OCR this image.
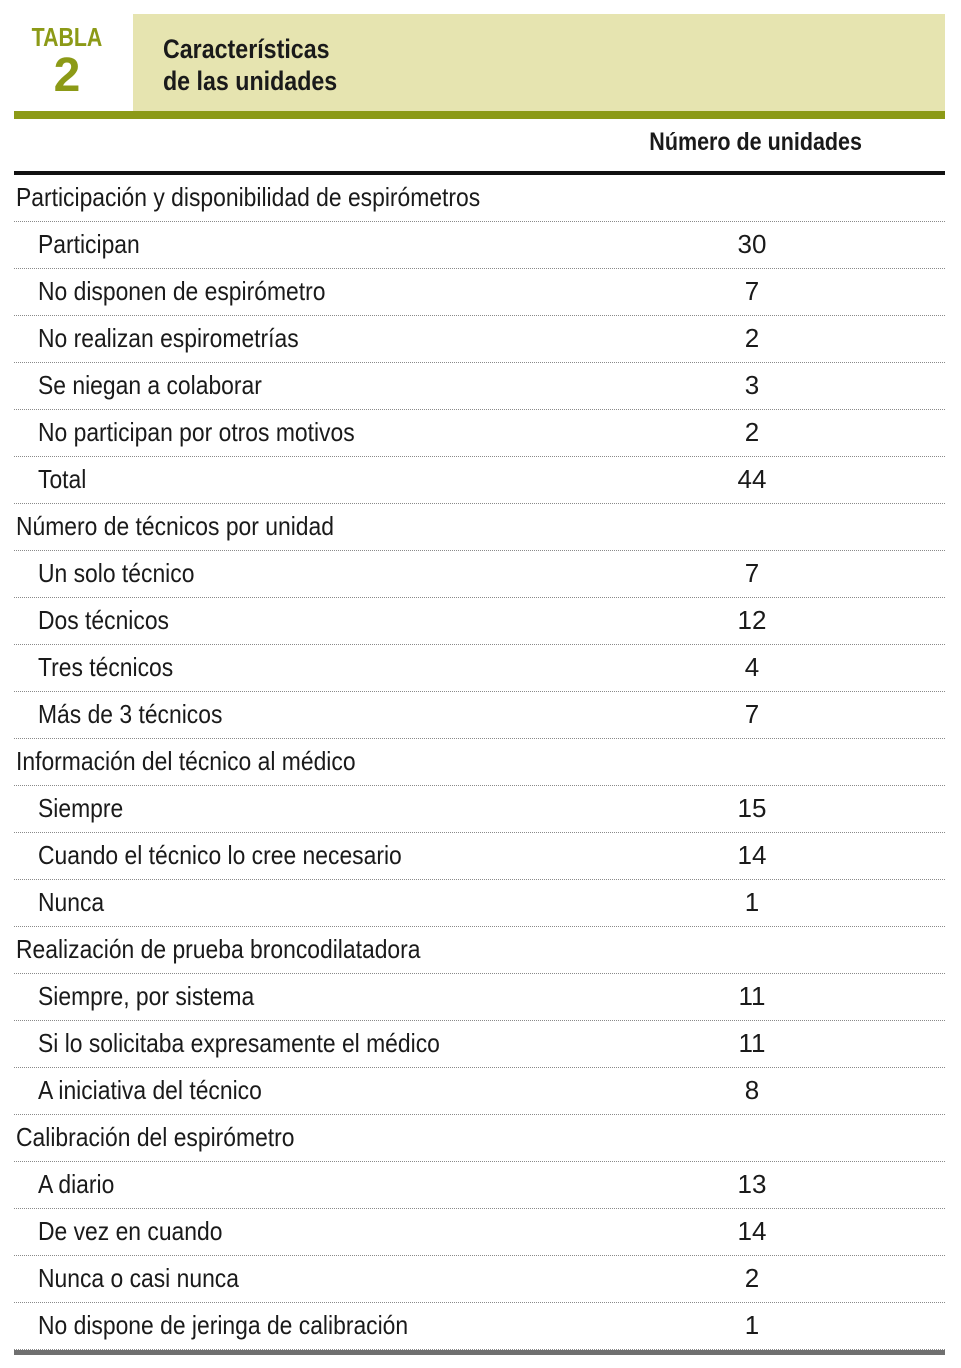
TABLA
2	Características
de las unidades
Número de unidades
Participación y disponibilidad de espirómetros
Participan	30
No disponen de espirómetro	7
No realizan espirometrías	2
Se niegan a colaborar	3
No participan por otros motivos	2
Total	44
Número de técnicos por unidad
Un solo técnico	7
Dos técnicos	12
Tres técnicos	4
Más de 3 técnicos	7
Información del técnico al médico
Siempre	15
Cuando el técnico lo cree necesario	14
Nunca	1
Realización de prueba broncodilatadora
Siempre, por sistema	11
Si lo solicitaba expresamente el médico	11
A iniciativa del técnico	8
Calibración del espirómetro
A diario	13
De vez en cuando	14
Nunca o casi nunca	2
No dispone de jeringa de calibración	1
